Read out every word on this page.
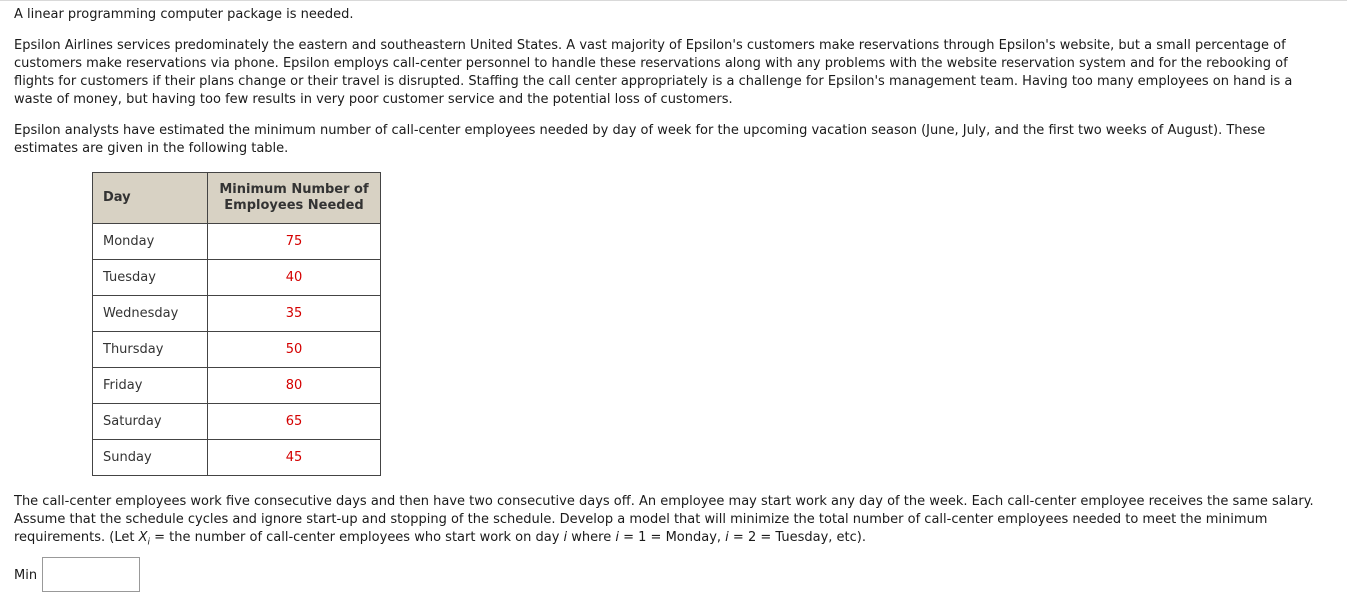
A linear programming computer package is needed.

Epsilon Airlines services predominately the eastern and southeastern United States. A vast majority of Epsilon's customers make reservations through Epsilon's website, but a small percentage of customers make reservations via phone. Epsilon employs call-center personnel to handle these reservations along with any problems with the website reservation system and for the rebooking of flights for customers if their plans change or their travel is disrupted. Staffing the call center appropriately is a challenge for Epsilon's management team. Having too many employees on hand is a waste of money, but having too few results in very poor customer service and the potential loss of customers.

Epsilon analysts have estimated the minimum number of call-center employees needed by day of week for the upcoming vacation season (June, July, and the first two weeks of August). These estimates are given in the following table.

Day	Minimum Number of
Employees Needed
Monday	75
Tuesday	40
Wednesday	35
Thursday	50
Friday	80
Saturday	65
Sunday	45

The call-center employees work five consecutive days and then have two consecutive days off. An employee may start work any day of the week. Each call-center employee receives the same salary. Assume that the schedule cycles and ignore start-up and stopping of the schedule. Develop a model that will minimize the total number of call-center employees needed to meet the minimum requirements. (Let $X_i$ = the number of call-center employees who start work on day i where i = 1 = Monday, i = 2 = Tuesday, etc).

Min
